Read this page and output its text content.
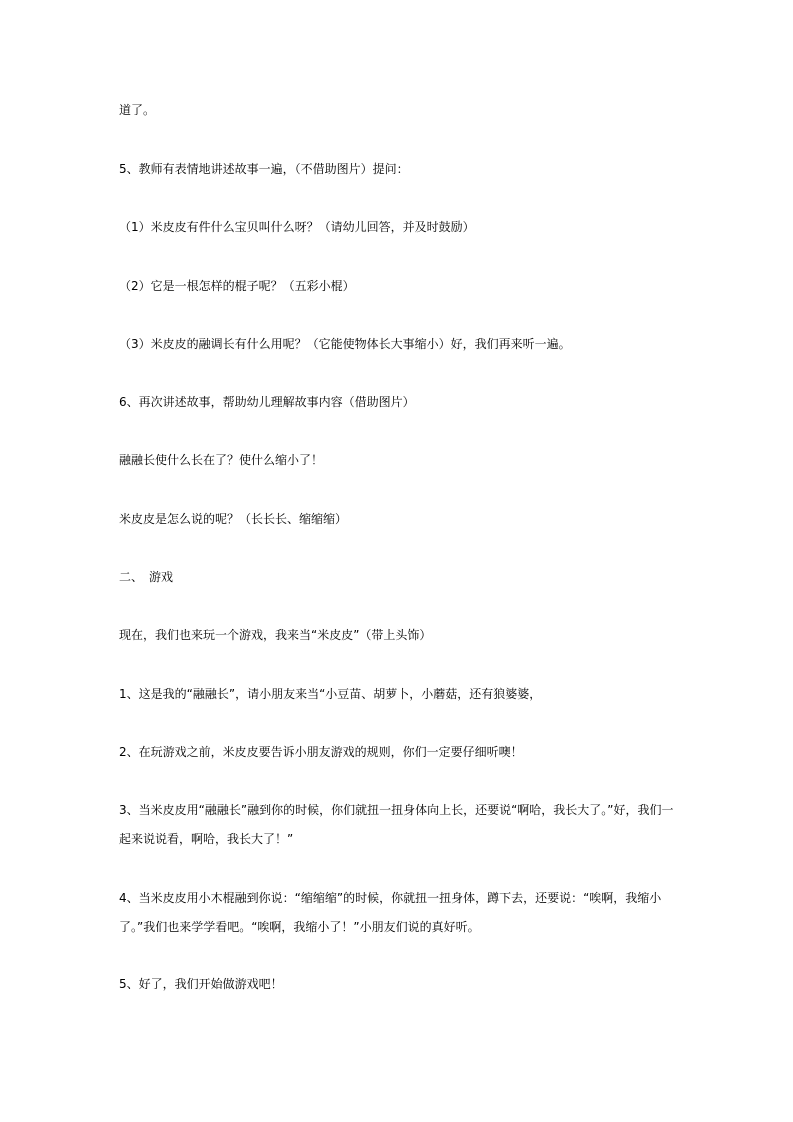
道了。
5、教师有表情地讲述故事一遍，（不借助图片）提问：
（1）米皮皮有件什么宝贝叫什么呀？（请幼儿回答，并及时鼓励）
（2）它是一根怎样的棍子呢？（五彩小棍）
（3）米皮皮的融调长有什么用呢？（它能使物体长大事缩小）好，我们再来听一遍。
6、再次讲述故事，帮助幼儿理解故事内容（借助图片）
融融长使什么长在了？使什么缩小了！
米皮皮是怎么说的呢？（长长长、缩缩缩）
二、　游戏
现在，我们也来玩一个游戏，我来当“米皮皮”（带上头饰）
1、这是我的“融融长”，请小朋友来当“小豆苗、胡萝卜，小蘑菇，还有狼婆婆，
2、在玩游戏之前，米皮皮要告诉小朋友游戏的规则，你们一定要仔细听噢！
3、当米皮皮用“融融长”融到你的时候，你们就扭一扭身体向上长，还要说“啊哈，我长大了。”好，我们一起来说说看，啊哈，我长大了！”
4、当米皮皮用小木棍融到你说：“缩缩缩”的时候，你就扭一扭身体，蹲下去，还要说：“唉啊，我缩小了。”我们也来学学看吧。“唉啊，我缩小了！”小朋友们说的真好听。
5、好了，我们开始做游戏吧！
